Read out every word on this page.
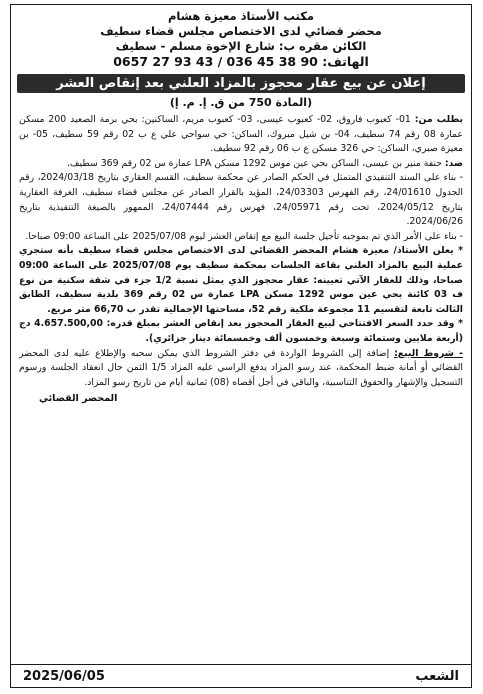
مكتب الأستاذ معيزة هشام
محضر قضائي لدى الاختصاص مجلس قضاء سطيف
الكائن مقره ب: شارع الإخوة مسلم - سطيف
الهاتف: 0657 27 93 43 / 036 45 38 90
إعلان عن بيع عقار محجوز بالمزاد العلني بعد إنقاص العشر
(المادة 750 من ق. إ. م. إ)

بطلب من: 01- كعبوب فاروق، 02- كعبوب عيسى، 03- كعبوب مريم، الساكنين: بحي برمة الصعيد 200 مسكن عمارة 08 رقم 74 سطيف، 04- بن شيل مبروك، الساكن: حي سواحي علي ع ب 02 رقم 59 سطيف، 05- بن معيزة صبري، الساكن: حي 326 مسكن ع ب 06 رقم 92 سطيف.

ضد: حنفة منير بن عيسى، الساكن بحي عين موس 1292 مسكن LPA عمارة س 02 رقم 369 سطيف.

- بناء على السند التنفيذي المتمثل في الحكم الصادر عن محكمة سطيف، القسم العقاري بتاريخ 2024/03/18، رقم الجدول 24/01610، رقم الفهرس 24/03303، المؤيد بالقرار الصادر عن مجلس قضاء سطيف، الغرفة العقارية بتاريخ 2024/05/12، تحت رقم 24/05971، فهرس رقم 24/07444، الممهور بالصيغة التنفيذية بتاريخ 2024/06/26.

- بناء على الأمر الذي تم بموجبه تأجيل جلسة البيع مع إنقاص العشر ليوم 2025/07/08 على الساعة 09:00 صباحا.

* يعلن الأستاذ/ معيزة هشام المحضر القضائي لدى الاختصاص مجلس قضاء سطيف بأنه ستجري عملية البيع بالمزاد العلني بقاعة الجلسات بمحكمة سطيف يوم 2025/07/08 على الساعة 09:00 صباحا، وذلك للعقار الآتي تعيينه: عقار محجوز الذي يمثل نسبة 1/2 جزء في شقة سكنية من نوع ف 03 كائنة بحي عين موس 1292 مسكن LPA عمارة س 02 رقم 369 بلدية سطيف، الطابق الثالث تابعة لتقسيم 11 مجموعة ملكية رقم 52، مساحتها الإجمالية تقدر ب 66,70 متر مربع.

* وقد حدد السعر الافتتاحي لبيع العقار المحجوز بعد إنقاص العشر بمبلغ قدره: 4.657.500,00 دج (أربعة ملايين وستمائة وسبعة وخمسون ألف وخمسمائة دينار جزائري).

- شروط البيع: إضافة إلى الشروط الواردة في دفتر الشروط الذي يمكن سحبه والإطلاع عليه لدى المحضر القضائي أو أمانة ضبط المحكمة، عند رسو المزاد يدفع الراسي عليه المزاد 1/5 الثمن حال انعقاد الجلسة ورسوم التسجيل والإشهار والحقوق التناسبية، والباقي في أجل أقصاه (08) ثمانية أيام من تاريخ رسو المزاد.

المحضر القضائي
الشعب
2025/06/05
